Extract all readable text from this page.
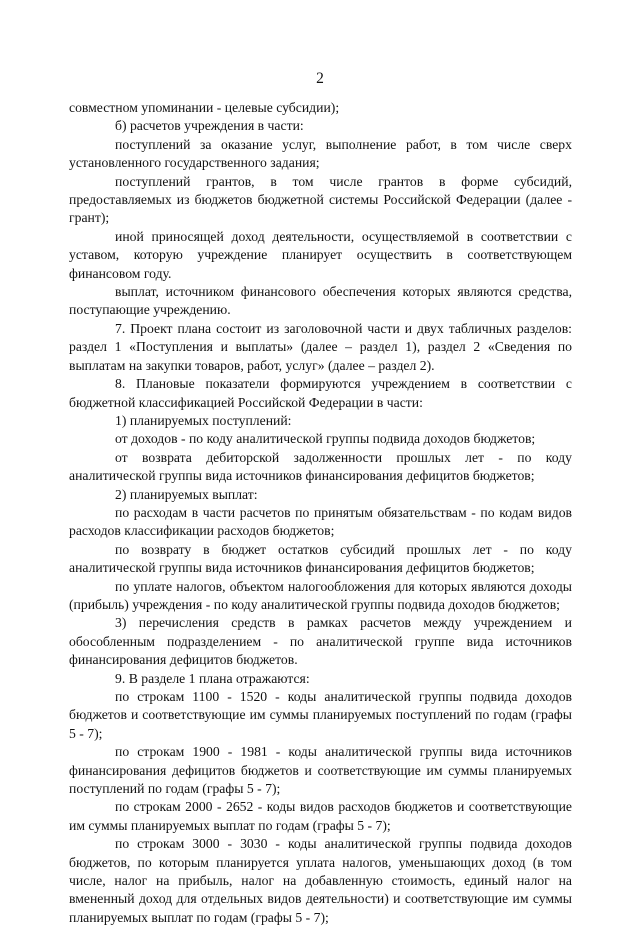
2

совместном упоминании - целевые субсидии);

б) расчетов учреждения в части:

поступлений за оказание услуг, выполнение работ, в том числе сверх установленного государственного задания;

поступлений грантов, в том числе грантов в форме субсидий, предоставляемых из бюджетов бюджетной системы Российской Федерации (далее - грант);

иной приносящей доход деятельности, осуществляемой в соответствии с уставом, которую учреждение планирует осуществить в соответствующем финансовом году.

выплат, источником финансового обеспечения которых являются средства, поступающие учреждению.

7. Проект плана состоит из заголовочной части и двух табличных разделов: раздел 1 «Поступления и выплаты» (далее – раздел 1), раздел 2 «Сведения по выплатам на закупки товаров, работ, услуг» (далее – раздел 2).

8. Плановые показатели формируются учреждением в соответствии с бюджетной классификацией Российской Федерации в части:

1) планируемых поступлений:

от доходов - по коду аналитической группы подвида доходов бюджетов;

от возврата дебиторской задолженности прошлых лет - по коду аналитической группы вида источников финансирования дефицитов бюджетов;

2) планируемых выплат:

по расходам в части расчетов по принятым обязательствам - по кодам видов расходов классификации расходов бюджетов;

по возврату в бюджет остатков субсидий прошлых лет - по коду аналитической группы вида источников финансирования дефицитов бюджетов;

по уплате налогов, объектом налогообложения для которых являются доходы (прибыль) учреждения - по коду аналитической группы подвида доходов бюджетов;

3) перечисления средств в рамках расчетов между учреждением и обособленным подразделением - по аналитической группе вида источников финансирования дефицитов бюджетов.

9. В разделе 1 плана отражаются:

по строкам 1100 - 1520 - коды аналитической группы подвида доходов бюджетов и соответствующие им суммы планируемых поступлений по годам (графы 5 - 7);

по строкам 1900 - 1981 - коды аналитической группы вида источников финансирования дефицитов бюджетов и соответствующие им суммы планируемых поступлений по годам (графы 5 - 7);

по строкам 2000 - 2652 - коды видов расходов бюджетов и соответствующие им суммы планируемых выплат по годам (графы 5 - 7);

по строкам 3000 - 3030 - коды аналитической группы подвида доходов бюджетов, по которым планируется уплата налогов, уменьшающих доход (в том числе, налог на прибыль, налог на добавленную стоимость, единый налог на вмененный доход для отдельных видов деятельности) и соответствующие им суммы планируемых выплат по годам (графы 5 - 7);
